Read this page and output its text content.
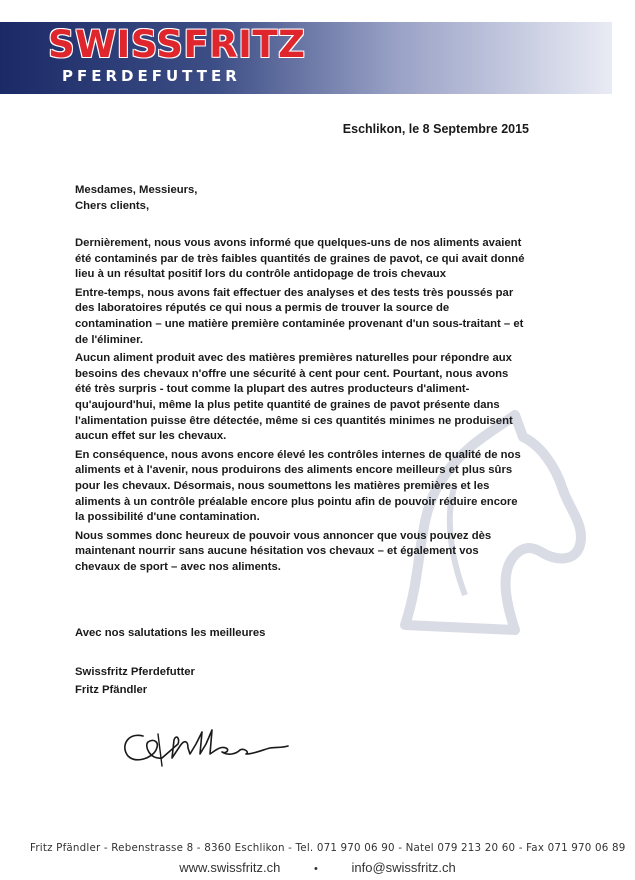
SWISSFRITZ
PFERDEFUTTER
Eschlikon, le 8 Septembre 2015
Mesdames, Messieurs,
Chers clients,

Dernièrement, nous vous avons informé que quelques-uns de nos aliments avaient été contaminés par de très faibles quantités de graines de pavot, ce qui avait donné lieu à un résultat positif lors du contrôle antidopage de trois chevaux

Entre-temps, nous avons fait effectuer des analyses et des tests très poussés par des laboratoires réputés ce qui nous a permis de trouver la source de contamination – une matière première contaminée provenant d'un sous-traitant – et de l'éliminer.

Aucun aliment produit avec des matières premières naturelles pour répondre aux besoins des chevaux n'offre une sécurité à cent pour cent. Pourtant, nous avons été très surpris - tout comme la plupart des autres producteurs d'aliment- qu'aujourd'hui, même la plus petite quantité de graines de pavot présente dans l'alimentation puisse être détectée, même si ces quantités minimes ne produisent aucun effet sur les chevaux.

En conséquence, nous avons encore élevé les contrôles internes de qualité de nos aliments et à l'avenir, nous produirons des aliments encore meilleurs et plus sûrs pour les chevaux. Désormais, nous soumettons les matières premières et les aliments à un contrôle préalable encore plus pointu afin de pouvoir réduire encore la possibilité d'une contamination.

Nous sommes donc heureux de pouvoir vous annoncer que vous pouvez dès maintenant nourrir sans aucune hésitation vos chevaux – et également vos chevaux de sport – avec nos aliments.

Avec nos salutations les meilleures
Swissfritz Pferdefutter
Fritz Pfändler
Fritz Pfändler - Rebenstrasse 8 - 8360 Eschlikon - Tel. 071 970 06 90 - Natel 079 213 20 60 - Fax 071 970 06 89
www.swissfritz.ch	•	info@swissfritz.ch
